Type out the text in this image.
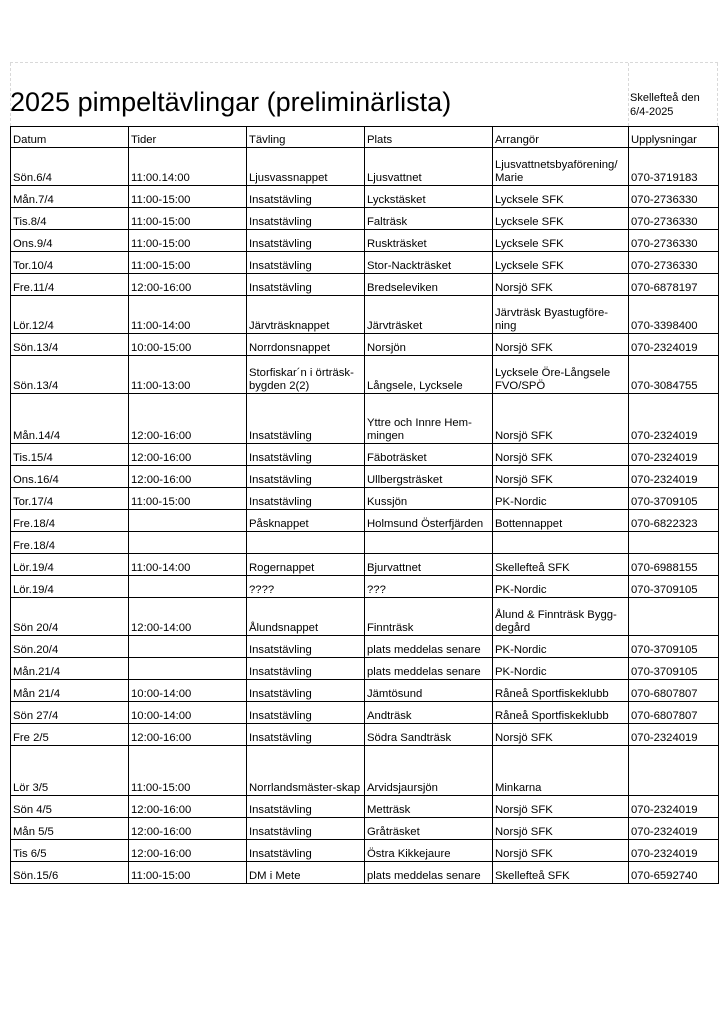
2025 pimpeltävlingar (preliminärlista)	Skellefteå den
6/4-2025
Datum	Tider	Tävling	Plats	Arrangör	Upplysningar
Sön.6/4	11:00.14:00	Ljusvassnappet	Ljusvattnet	Ljusvattnetsbyaförening/ Marie	070-3719183
Mån.7/4	11:00-15:00	Insatstävling	Lyckstäsket	Lycksele SFK	070-2736330
Tis.8/4	11:00-15:00	Insatstävling	Falträsk	Lycksele SFK	070-2736330
Ons.9/4	11:00-15:00	Insatstävling	Ruskträsket	Lycksele SFK	070-2736330
Tor.10/4	11:00-15:00	Insatstävling	Stor-Nackträsket	Lycksele SFK	070-2736330
Fre.11/4	12:00-16:00	Insatstävling	Bredseleviken	Norsjö SFK	070-6878197
Lör.12/4	11:00-14:00	Järvträsknappet	Järvträsket	Järvträsk Byastugföre-ning	070-3398400
Sön.13/4	10:00-15:00	Norrdonsnappet	Norsjön	Norsjö SFK	070-2324019
Sön.13/4	11:00-13:00	Storfiskar´n i örträsk-bygden 2(2)	Långsele, Lycksele	Lycksele Öre-Långsele FVO/SPÖ	070-3084755
Mån.14/4	12:00-16:00	Insatstävling	Yttre och Innre Hem-mingen	Norsjö SFK	070-2324019
Tis.15/4	12:00-16:00	Insatstävling	Fäboträsket	Norsjö SFK	070-2324019
Ons.16/4	12:00-16:00	Insatstävling	Ullbergsträsket	Norsjö SFK	070-2324019
Tor.17/4	11:00-15:00	Insatstävling	Kussjön	PK-Nordic	070-3709105
Fre.18/4		Påsknappet	Holmsund Österfjärden	Bottennappet	070-6822323
Fre.18/4					
Lör.19/4	11:00-14:00	Rogernappet	Bjurvattnet	Skellefteå SFK	070-6988155
Lör.19/4		????	???	PK-Nordic	070-3709105
Sön 20/4	12:00-14:00	Ålundsnappet	Finnträsk	Ålund & Finnträsk Bygg-degård	
Sön.20/4		Insatstävling	plats meddelas senare	PK-Nordic	070-3709105
Mån.21/4		Insatstävling	plats meddelas senare	PK-Nordic	070-3709105
Mån 21/4	10:00-14:00	Insatstävling	Jämtösund	Råneå Sportfiskeklubb	070-6807807
Sön 27/4	10:00-14:00	Insatstävling	Andträsk	Råneå Sportfiskeklubb	070-6807807
Fre 2/5	12:00-16:00	Insatstävling	Södra Sandträsk	Norsjö SFK	070-2324019
Lör 3/5	11:00-15:00	Norrlandsmäster-skap	Arvidsjaursjön	Minkarna	
Sön 4/5	12:00-16:00	Insatstävling	Metträsk	Norsjö SFK	070-2324019
Mån 5/5	12:00-16:00	Insatstävling	Gråträsket	Norsjö SFK	070-2324019
Tis 6/5	12:00-16:00	Insatstävling	Östra Kikkejaure	Norsjö SFK	070-2324019
Sön.15/6	11:00-15:00	DM i Mete	plats meddelas senare	Skellefteå SFK	070-6592740
